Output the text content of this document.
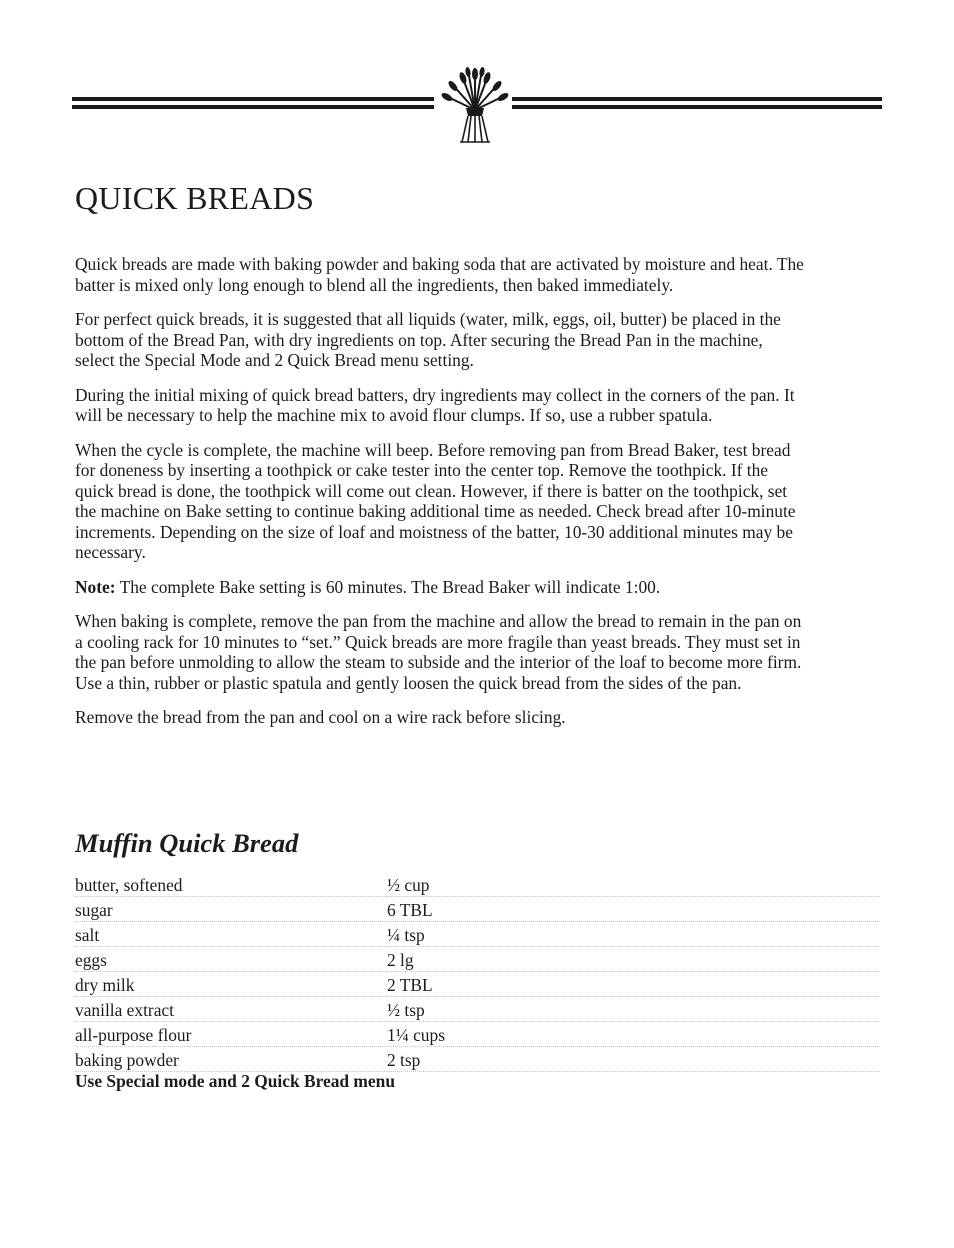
QUICK BREADS

Quick breads are made with baking powder and baking soda that are activated by moisture and heat. The batter is mixed only long enough to blend all the ingredients, then baked immediately.

For perfect quick breads, it is suggested that all liquids (water, milk, eggs, oil, butter) be placed in the bottom of the Bread Pan, with dry ingredients on top. After securing the Bread Pan in the machine, select the Special Mode and 2 Quick Bread menu setting.

During the initial mixing of quick bread batters, dry ingredients may collect in the corners of the pan. It will be necessary to help the machine mix to avoid flour clumps. If so, use a rubber spatula.

When the cycle is complete, the machine will beep. Before removing pan from Bread Baker, test bread for doneness by inserting a toothpick or cake tester into the center top. Remove the toothpick. If the quick bread is done, the toothpick will come out clean. However, if there is batter on the toothpick, set the machine on Bake setting to continue baking additional time as needed. Check bread after 10-minute increments. Depending on the size of loaf and moistness of the batter, 10-30 additional minutes may be necessary.

Note: The complete Bake setting is 60 minutes. The Bread Baker will indicate 1:00.

When baking is complete, remove the pan from the machine and allow the bread to remain in the pan on a cooling rack for 10 minutes to “set.” Quick breads are more fragile than yeast breads. They must set in the pan before unmolding to allow the steam to subside and the interior of the loaf to become more firm. Use a thin, rubber or plastic spatula and gently loosen the quick bread from the sides of the pan.

Remove the bread from the pan and cool on a wire rack before slicing.

Muffin Quick Bread
butter, softened	½ cup
sugar	6 TBL
salt	¼ tsp
eggs	2 lg
dry milk	2 TBL
vanilla extract	½ tsp
all-purpose flour	1¼ cups
baking powder	2 tsp
Use Special mode and 2 Quick Bread menu
